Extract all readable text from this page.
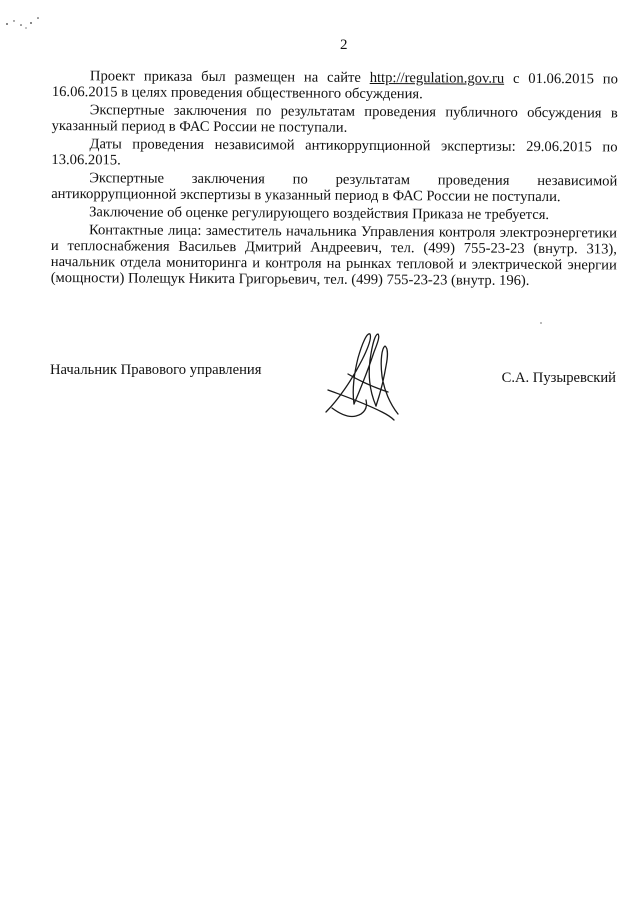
2

Проект приказа был размещен на сайте http://regulation.gov.ru с 01.06.2015 по 16.06.2015 в целях проведения общественного обсуждения.

Экспертные заключения по результатам проведения публичного обсуждения в указанный период в ФАС России не поступали.

Даты проведения независимой антикоррупционной экспертизы: 29.06.2015 по 13.06.2015.

Экспертные заключения по результатам проведения независимой антикоррупционной экспертизы в указанный период в ФАС России не поступали.

Заключение об оценке регулирующего воздействия Приказа не требуется.

Контактные лица: заместитель начальника Управления контроля электроэнергетики и теплоснабжения Васильев Дмитрий Андреевич, тел. (499) 755-23-23 (внутр. 313), начальник отдела мониторинга и контроля на рынках тепловой и электрической энергии (мощности) Полещук Никита Григорьевич, тел. (499) 755-23-23 (внутр. 196).

Начальник Правового управления	С.А. Пузыревский
